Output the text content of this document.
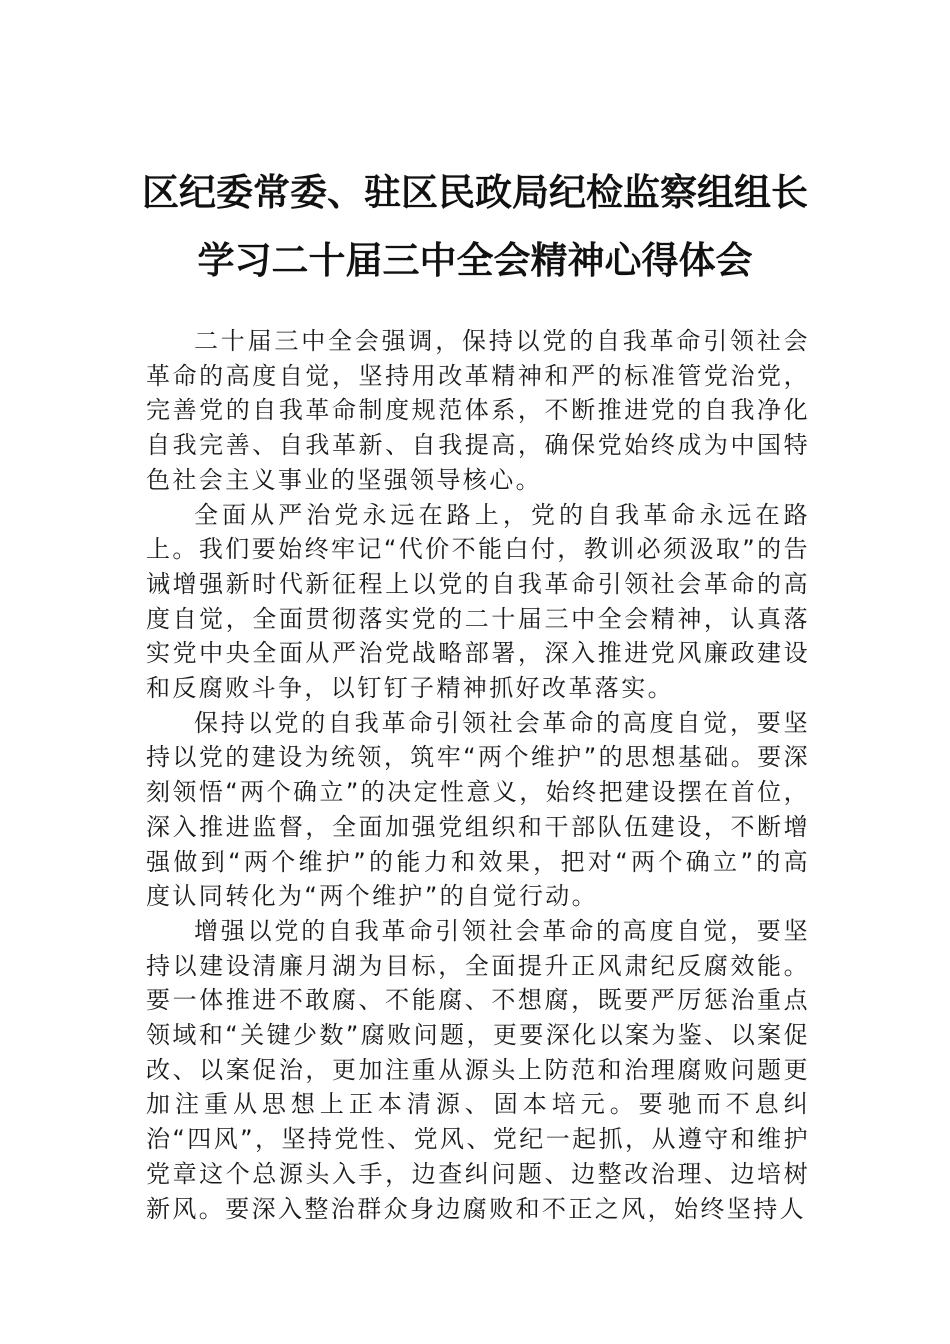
区纪委常委、驻区民政局纪检监察组组长
学习二十届三中全会精神心得体会

二十届三中全会强调，保持以党的自我革命引领社会革命的高度自觉，坚持用改革精神和严的标准管党治党，完善党的自我革命制度规范体系，不断推进党的自我净化自我完善、自我革新、自我提高，确保党始终成为中国特色社会主义事业的坚强领导核心。

全面从严治党永远在路上，党的自我革命永远在路上。我们要始终牢记“代价不能白付，教训必须汲取”的告诫增强新时代新征程上以党的自我革命引领社会革命的高度自觉，全面贯彻落实党的二十届三中全会精神，认真落实党中央全面从严治党战略部署，深入推进党风廉政建设和反腐败斗争，以钉钉子精神抓好改革落实。

保持以党的自我革命引领社会革命的高度自觉，要坚持以党的建设为统领，筑牢“两个维护”的思想基础。要深刻领悟“两个确立”的决定性意义，始终把建设摆在首位，深入推进监督，全面加强党组织和干部队伍建设，不断增强做到“两个维护”的能力和效果，把对“两个确立”的高度认同转化为“两个维护”的自觉行动。

增强以党的自我革命引领社会革命的高度自觉，要坚持以建设清廉月湖为目标，全面提升正风肃纪反腐效能。要一体推进不敢腐、不能腐、不想腐，既要严厉惩治重点领域和“关键少数”腐败问题，更要深化以案为鉴、以案促改、以案促治，更加注重从源头上防范和治理腐败问题更加注重从思想上正本清源、固本培元。要驰而不息纠治“四风”，坚持党性、党风、党纪一起抓，从遵守和维护党章这个总源头入手，边查纠问题、边整改治理、边培树新风。要深入整治群众身边腐败和不正之风，始终坚持人
